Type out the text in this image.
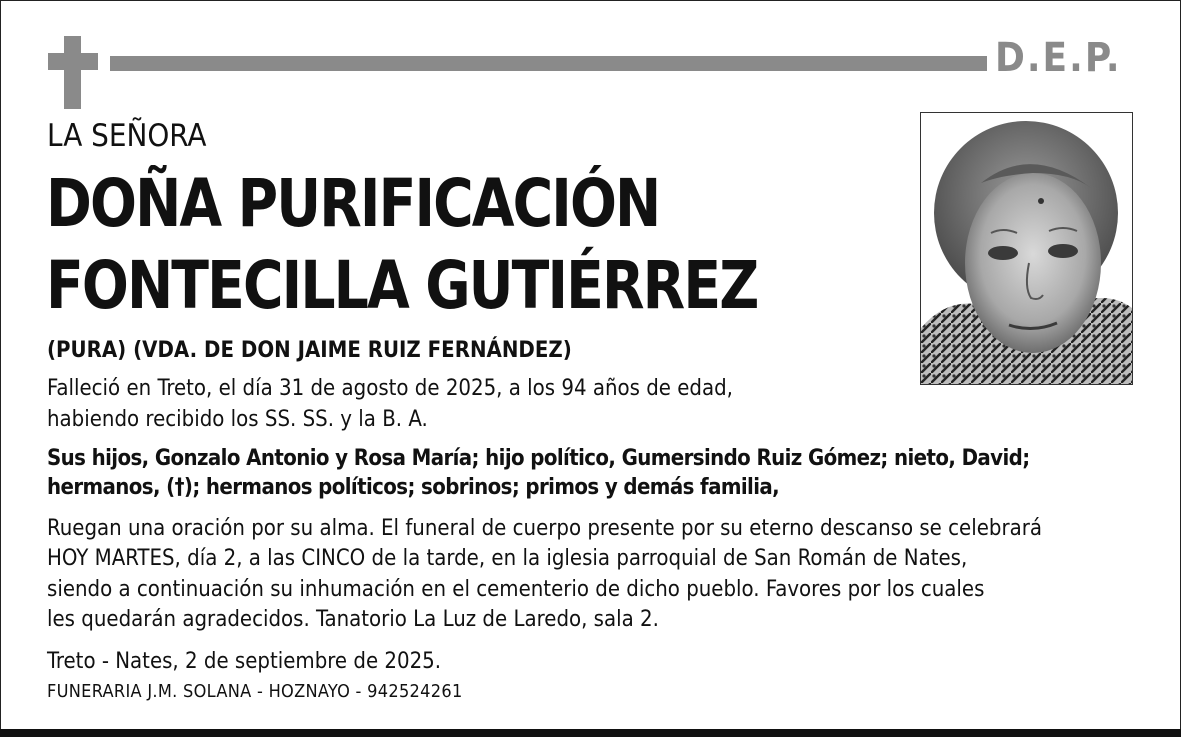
D.E.P.
LA SEÑORA
DOÑA PURIFICACIÓN
FONTECILLA GUTIÉRREZ
(PURA) (VDA. DE DON JAIME RUIZ FERNÁNDEZ)
Falleció en Treto, el día 31 de agosto de 2025, a los 94 años de edad,
habiendo recibido los SS. SS. y la B. A.
Sus hijos, Gonzalo Antonio y Rosa María; hijo político, Gumersindo Ruiz Gómez; nieto, David;
hermanos, (†); hermanos políticos; sobrinos; primos y demás familia,
Ruegan una oración por su alma. El funeral de cuerpo presente por su eterno descanso se celebrará
HOY MARTES, día 2, a las CINCO de la tarde, en la iglesia parroquial de San Román de Nates,
siendo a continuación su inhumación en el cementerio de dicho pueblo. Favores por los cuales
les quedarán agradecidos. Tanatorio La Luz de Laredo, sala 2.
Treto - Nates, 2 de septiembre de 2025.
FUNERARIA J.M. SOLANA - HOZNAYO - 942524261
